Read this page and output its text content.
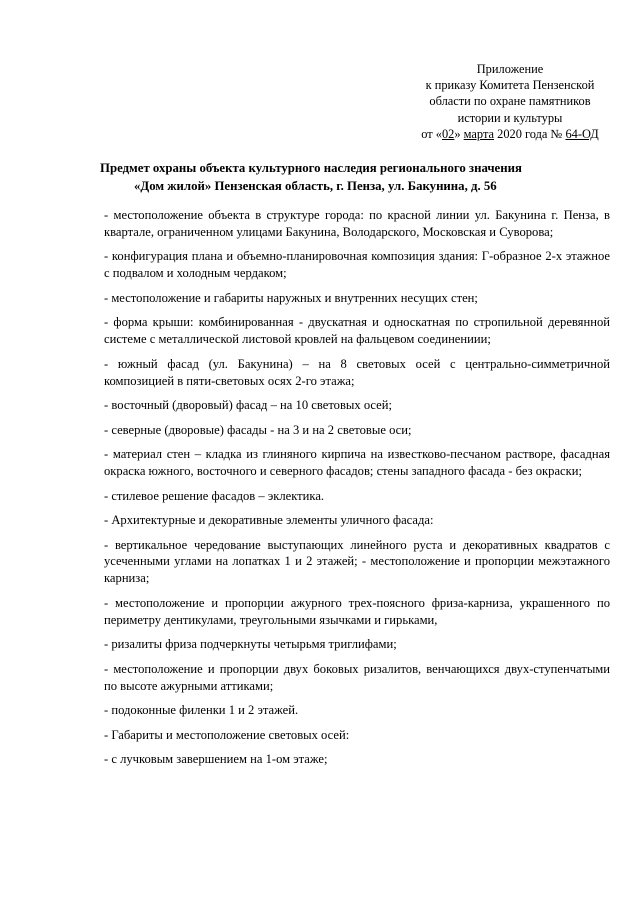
Приложение
к приказу Комитета Пензенской
области по охране памятников
истории и культуры
от «02» марта 2020 года № 64-ОД
Предмет охраны объекта культурного наследия регионального значения
«Дом жилой» Пензенская область, г. Пенза, ул. Бакунина, д. 56

- местоположение объекта в структуре города: по красной линии ул. Бакунина г. Пенза, в квартале, ограниченном улицами Бакунина, Володарского, Московская и Суворова;

- конфигурация плана и объемно-планировочная композиция здания: Г-образное 2-х этажное с подвалом и холодным чердаком;

- местоположение и габариты наружных и внутренних несущих стен;

- форма крыши: комбинированная - двускатная и односкатная по стропильной деревянной системе с металлической листовой кровлей на фальцевом соединениии;

- южный фасад (ул. Бакунина) – на 8 световых осей с центрально-симметричной композицией в пяти-световых осях 2-го этажа;

- восточный (дворовый) фасад – на 10 световых осей;

- северные (дворовые) фасады - на 3 и на 2 световые оси;

- материал стен – кладка из глиняного кирпича на известково-песчаном растворе, фасадная окраска южного, восточного и северного фасадов; стены западного фасада - без окраски;

- стилевое решение фасадов – эклектика.

- Архитектурные и декоративные элементы уличного фасада:

- вертикальное чередование выступающих линейного руста и декоративных квадратов с усеченными углами на лопатках 1 и 2 этажей; - местоположение и пропорции межэтажного карниза;

- местоположение и пропорции ажурного трех-поясного фриза-карниза, украшенного по периметру дентикулами, треугольными язычками и гирьками,

- ризалиты фриза подчеркнуты четырьмя триглифами;

- местоположение и пропорции двух боковых ризалитов, венчающихся двух-ступенчатыми по высоте ажурными аттиками;

- подоконные филенки 1 и 2 этажей.

- Габариты и местоположение световых осей:

- с лучковым завершением на 1-ом этаже;
